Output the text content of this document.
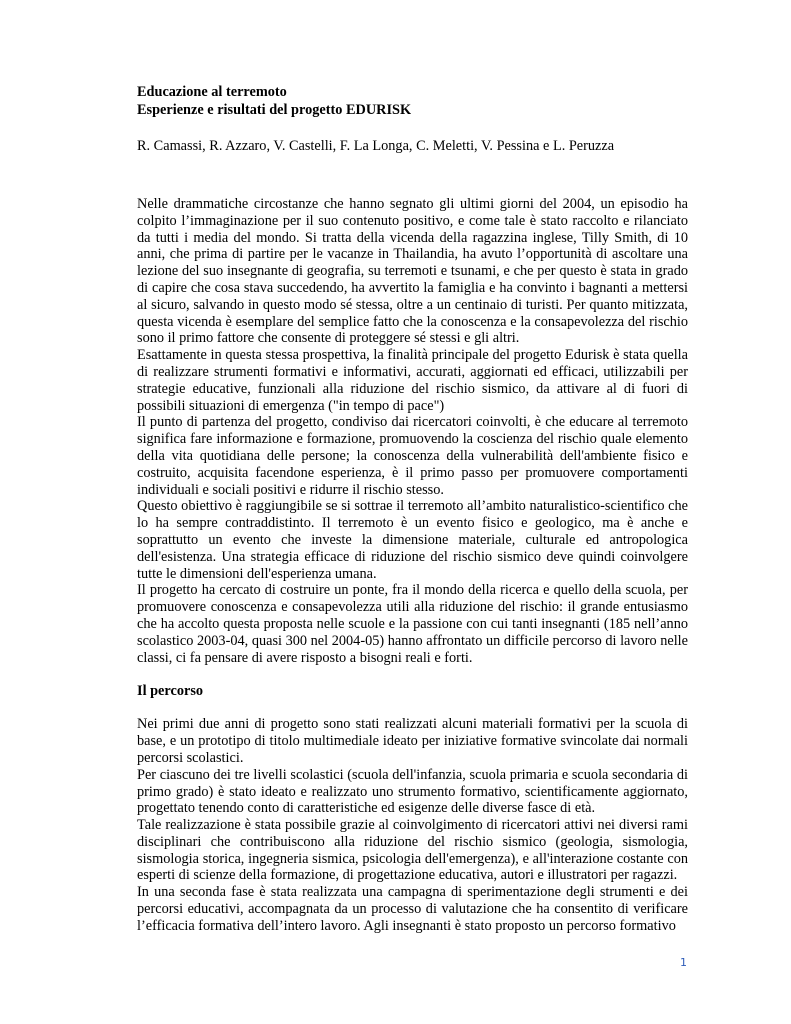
Educazione al terremoto
Esperienze e risultati del progetto EDURISK
R. Camassi, R. Azzaro, V. Castelli, F. La Longa, C. Meletti, V. Pessina e L. Peruzza

Nelle drammatiche circostanze che hanno segnato gli ultimi giorni del 2004, un episodio ha colpito l’immaginazione per il suo contenuto positivo, e come tale è stato raccolto e rilanciato da tutti i media del mondo. Si tratta della vicenda della ragazzina inglese, Tilly Smith, di 10 anni, che prima di partire per le vacanze in Thailandia, ha avuto l’opportunità di ascoltare una lezione del suo insegnante di geografia, su terremoti e tsunami, e che per questo è stata in grado di capire che cosa stava succedendo, ha avvertito la famiglia e ha convinto i bagnanti a mettersi al sicuro, salvando in questo modo sé stessa, oltre a un centinaio di turisti. Per quanto mitizzata, questa vicenda è esemplare del semplice fatto che la conoscenza e la consapevolezza del rischio sono il primo fattore che consente di proteggere sé stessi e gli altri.

Esattamente in questa stessa prospettiva, la finalità principale del progetto Edurisk è stata quella di realizzare strumenti formativi e informativi, accurati, aggiornati ed efficaci, utilizzabili per strategie educative, funzionali alla riduzione del rischio sismico, da attivare al di fuori di possibili situazioni di emergenza ("in tempo di pace")

Il punto di partenza del progetto, condiviso dai ricercatori coinvolti, è che educare al terremoto significa fare informazione e formazione, promuovendo la coscienza del rischio quale elemento della vita quotidiana delle persone; la conoscenza della vulnerabilità dell'ambiente fisico e costruito, acquisita facendone esperienza, è il primo passo per promuovere comportamenti individuali e sociali positivi e ridurre il rischio stesso.

Questo obiettivo è raggiungibile se si sottrae il terremoto all’ambito naturalistico-scientifico che lo ha sempre contraddistinto. Il terremoto è un evento fisico e geologico, ma è anche e soprattutto un evento che investe la dimensione materiale, culturale ed antropologica dell'esistenza. Una strategia efficace di riduzione del rischio sismico deve quindi coinvolgere tutte le dimensioni dell'esperienza umana.

Il progetto ha cercato di costruire un ponte, fra il mondo della ricerca e quello della scuola, per promuovere conoscenza e consapevolezza utili alla riduzione del rischio: il grande entusiasmo che ha accolto questa proposta nelle scuole e la passione con cui tanti insegnanti (185 nell’anno scolastico 2003-04, quasi 300 nel 2004-05) hanno affrontato un difficile percorso di lavoro nelle classi, ci fa pensare di avere risposto a bisogni reali e forti.

Il percorso

Nei primi due anni di progetto sono stati realizzati alcuni materiali formativi per la scuola di base, e un prototipo di titolo multimediale ideato per iniziative formative svincolate dai normali percorsi scolastici.

Per ciascuno dei tre livelli scolastici (scuola dell'infanzia, scuola primaria e scuola secondaria di primo grado) è stato ideato e realizzato uno strumento formativo, scientificamente aggiornato, progettato tenendo conto di caratteristiche ed esigenze delle diverse fasce di età.

Tale realizzazione è stata possibile grazie al coinvolgimento di ricercatori attivi nei diversi rami disciplinari che contribuiscono alla riduzione del rischio sismico (geologia, sismologia, sismologia storica, ingegneria sismica, psicologia dell'emergenza), e all'interazione costante con esperti di scienze della formazione, di progettazione educativa, autori e illustratori per ragazzi.

In una seconda fase è stata realizzata una campagna di sperimentazione degli strumenti e dei percorsi educativi, accompagnata da un processo di valutazione che ha consentito di verificare l’efficacia formativa dell’intero lavoro. Agli insegnanti è stato proposto un percorso formativo

1
